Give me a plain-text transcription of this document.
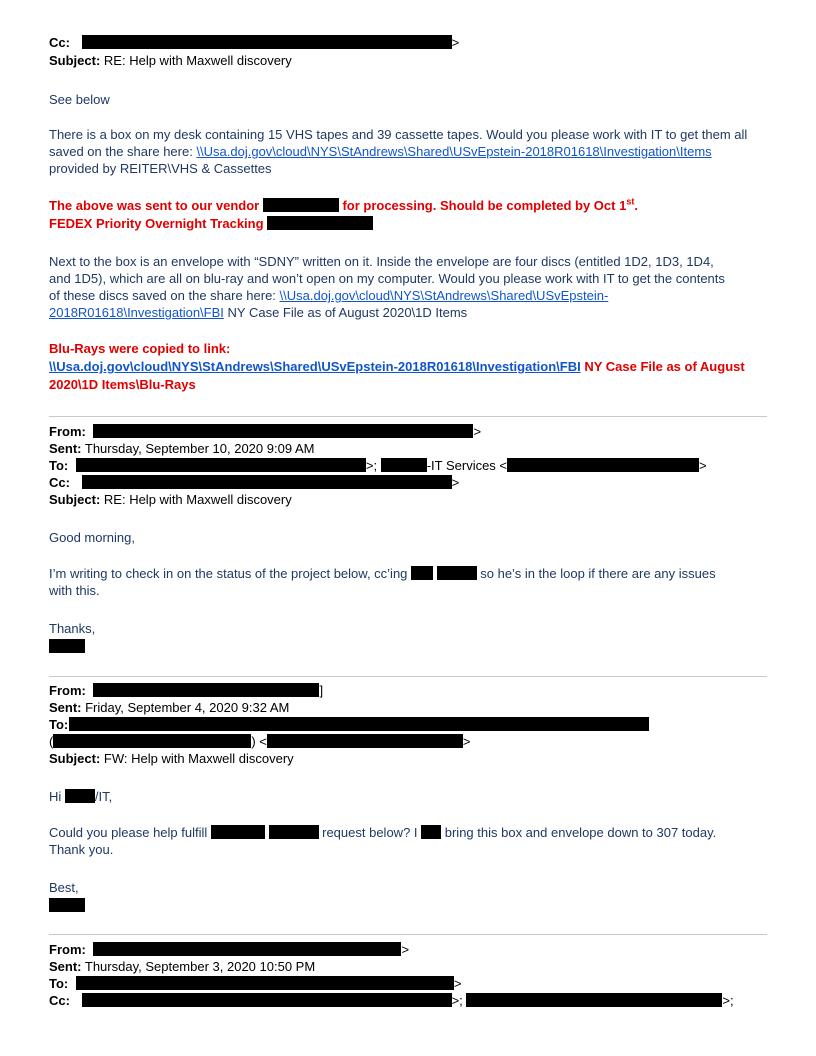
Cc:	>
Subject: RE: Help with Maxwell discovery
See below
There is a box on my desk containing 15 VHS tapes and 39 cassette tapes. Would you please work with IT to get them all
saved on the share here: \\Usa.doj.gov\cloud\NYS\StAndrews\Shared\USvEpstein-2018R01618\Investigation\Items
provided by REITER\VHS & Cassettes
The above was sent to our vendor	for processing. Should be completed by Oct 1st.
FEDEX Priority Overnight Tracking
Next to the box is an envelope with “SDNY” written on it. Inside the envelope are four discs (entitled 1D2, 1D3, 1D4,
and 1D5), which are all on blu-ray and won’t open on my computer. Would you please work with IT to get the contents
of these discs saved on the share here: \\Usa.doj.gov\cloud\NYS\StAndrews\Shared\USvEpstein-
2018R01618\Investigation\FBI NY Case File as of August 2020\1D Items
Blu-Rays were copied to link:
\\Usa.doj.gov\cloud\NYS\StAndrews\Shared\USvEpstein-2018R01618\Investigation\FBI NY Case File as of August
2020\1D Items\Blu-Rays
From:	>
Sent: Thursday, September 10, 2020 9:09 AM
To:	>;	-IT Services <	>
Cc:	>
Subject: RE: Help with Maxwell discovery
Good morning,
I’m writing to check in on the status of the project below, cc’ing	so he’s in the loop if there are any issues
with this.
Thanks,
From:	]
Sent: Friday, September 4, 2020 9:32 AM
To:
(	) <	>
Subject: FW: Help with Maxwell discovery
Hi /IT,
Could you please help fulfill	request below? I  bring this box and envelope down to 307 today.
Thank you.
Best,
From:	>
Sent: Thursday, September 3, 2020 10:50 PM
To:	>
Cc:	>;	>;
